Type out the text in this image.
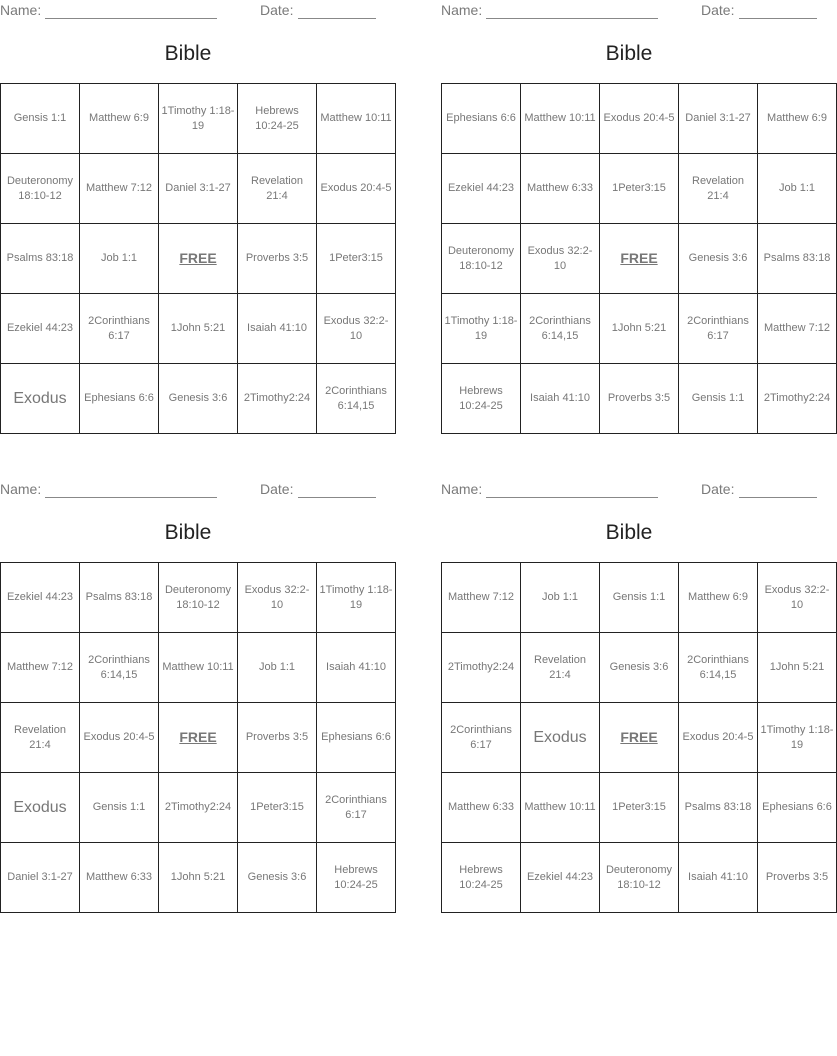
Name:	Date:
Bible
Gensis 1:1	Matthew 6:9	1Timothy 1:18-19	Hebrews 10:24-25	Matthew 10:11
Deuteronomy 18:10-12	Matthew 7:12	Daniel 3:1-27	Revelation 21:4	Exodus 20:4-5
Psalms 83:18	Job 1:1	FREE	Proverbs 3:5	1Peter3:15
Ezekiel 44:23	2Corinthians 6:17	1John 5:21	Isaiah 41:10	Exodus 32:2-10
Exodus	Ephesians 6:6	Genesis 3:6	2Timothy2:24	2Corinthians 6:14,15
Name:	Date:
Bible
Ephesians 6:6	Matthew 10:11	Exodus 20:4-5	Daniel 3:1-27	Matthew 6:9
Ezekiel 44:23	Matthew 6:33	1Peter3:15	Revelation 21:4	Job 1:1
Deuteronomy 18:10-12	Exodus 32:2-10	FREE	Genesis 3:6	Psalms 83:18
1Timothy 1:18-19	2Corinthians 6:14,15	1John 5:21	2Corinthians 6:17	Matthew 7:12
Hebrews 10:24-25	Isaiah 41:10	Proverbs 3:5	Gensis 1:1	2Timothy2:24
Name:	Date:
Bible
Ezekiel 44:23	Psalms 83:18	Deuteronomy 18:10-12	Exodus 32:2-10	1Timothy 1:18-19
Matthew 7:12	2Corinthians 6:14,15	Matthew 10:11	Job 1:1	Isaiah 41:10
Revelation 21:4	Exodus 20:4-5	FREE	Proverbs 3:5	Ephesians 6:6
Exodus	Gensis 1:1	2Timothy2:24	1Peter3:15	2Corinthians 6:17
Daniel 3:1-27	Matthew 6:33	1John 5:21	Genesis 3:6	Hebrews 10:24-25
Name:	Date:
Bible
Matthew 7:12	Job 1:1	Gensis 1:1	Matthew 6:9	Exodus 32:2-10
2Timothy2:24	Revelation 21:4	Genesis 3:6	2Corinthians 6:14,15	1John 5:21
2Corinthians 6:17	Exodus	FREE	Exodus 20:4-5	1Timothy 1:18-19
Matthew 6:33	Matthew 10:11	1Peter3:15	Psalms 83:18	Ephesians 6:6
Hebrews 10:24-25	Ezekiel 44:23	Deuteronomy 18:10-12	Isaiah 41:10	Proverbs 3:5
